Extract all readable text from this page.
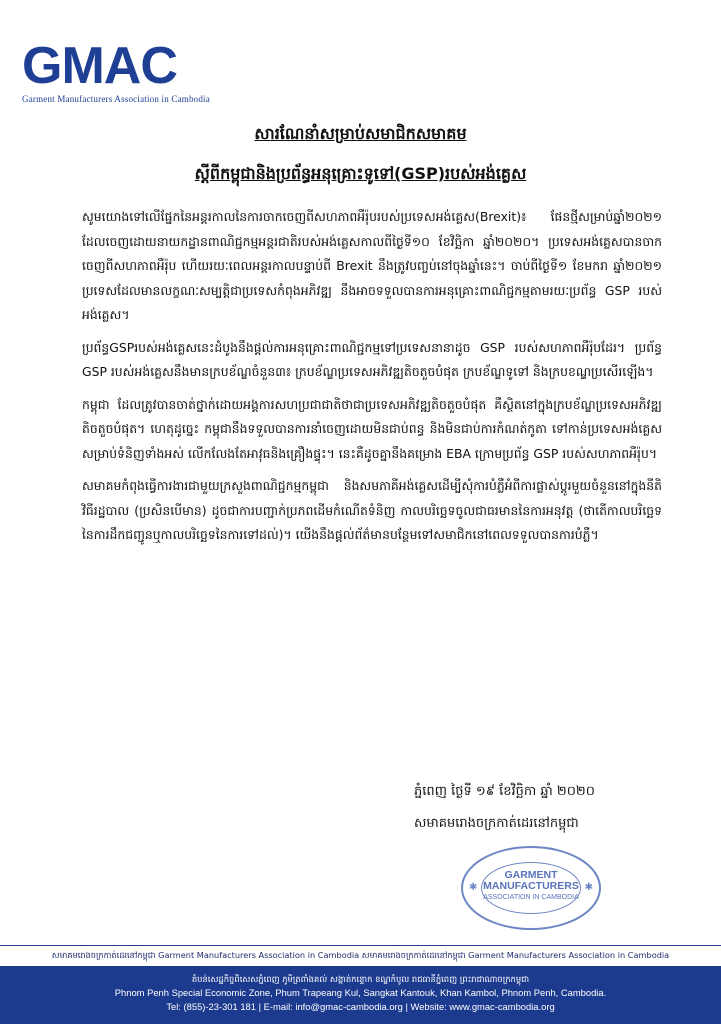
GMAC
Garment Manufacturers Association in Cambodia
សារណែនាំសម្រាប់សមាជិកសមាគម
ស្ដីពីកម្ពុជានិងប្រព័ន្ធអនុគ្រោះទូទៅ(GSP)របស់អង់គ្លេស

សូមយោងទៅលើផ្នែកនៃអន្តរកាលនៃការចាកចេញពីសហភាពអឺរ៉ុបរបស់ប្រទេសអង់គ្លេស(Brexit)៖ ផែនថ្មីសម្រាប់ឆ្នាំ២០២១ ដែលចេញដោយនាយកដ្ឋានពាណិជ្ជកម្មអន្តរជាតិរបស់អង់គ្លេសកាលពីថ្ងៃទី១០ ខែវិច្ឆិកា ឆ្នាំ២០២០។ ប្រទេសអង់គ្លេសបានចាកចេញពីសហភាពអឺរ៉ុប ហើយរយៈពេលអន្តរកាលបន្ទាប់ពី Brexit នឹងត្រូវបញ្ចប់នៅចុងឆ្នាំនេះ។ ចាប់ពីថ្ងៃទី១ ខែមករា ឆ្នាំ២០២១ ប្រទេសដែលមានលក្ខណៈសម្បត្តិជាប្រទេសកំពុងអភិវឌ្ឍ នឹងអាចទទួលបានការអនុគ្រោះពាណិជ្ជកម្មតាមរយៈប្រព័ន្ធ GSP របស់អង់គ្លេស។

ប្រព័ន្ធGSPរបស់អង់គ្លេសនេះដំបូងនឹងផ្ដល់ការអនុគ្រោះពាណិជ្ជកម្មទៅប្រទេសនានាដូច GSP របស់សហភាពអឺរ៉ុបដែរ។ ប្រព័ន្ធ GSP របស់អង់គ្លេសនឹងមានក្របខ័ណ្ឌចំនួន៣៖ ក្របខ័ណ្ឌប្រទេសអភិវឌ្ឍតិចតួចបំផុត ក្របខ័ណ្ឌទូទៅ និងក្របខណ្ឌប្រសើរឡើង។

កម្ពុជា ដែលត្រូវបានចាត់ថ្នាក់ដោយអង្គការសហប្រជាជាតិថាជាប្រទេសអភិវឌ្ឍតិចតួចបំផុត គឺស្ថិតនៅក្នុងក្របខ័ណ្ឌប្រទេសអភិវឌ្ឍតិចតួចបំផុត។ ហេតុដូច្នេះ កម្ពុជានឹងទទួលបានការនាំចេញដោយមិនជាប់ពន្ធ និងមិនជាប់ការកំណត់កូតា ទៅកាន់ប្រទេសអង់គ្លេសសម្រាប់ទំនិញទាំងអស់ លើកលែងតែអាវុធនិងគ្រឿងផ្ទុះ។ នេះគឺដូចគ្នានឹងគម្រោង EBA ក្រោមប្រព័ន្ធ GSP របស់សហភាពអឺរ៉ុប។

សមាគមកំពុងធ្វើការងារជាមួយក្រសួងពាណិជ្ជកម្មកម្ពុជា និងសមភាគីអង់គ្លេសដើម្បីសុំការបំភ្លឺអំពីការផ្លាស់ប្ដូរមួយចំនួននៅក្នុងនីតិវិធីរដ្ឋបាល (ប្រសិនបើមាន) ដូចជាការបញ្ជាក់ប្រភពដើមកំណើតទំនិញ កាលបរិច្ឆេទចូលជាធរមាននៃការអនុវត្ត (ថាតើកាលបរិច្ឆេទនៃការដឹកជញ្ជូនឬកាលបរិច្ឆេទនៃការទៅដល់)។ យើងនឹងផ្ដល់ព័ត៌មានបន្ថែមទៅសមាជិកនៅពេលទទួលបានការបំភ្លឺ។

ភ្នំពេញ ថ្ងៃទី ១៩ ខែវិច្ឆិកា ឆ្នាំ ២០២០
សមាគមរោងចក្រកាត់ដេរនៅកម្ពុជា
✱	✱
GARMENT
MANUFACTURERS
ASSOCIATION IN CAMBODIA
សមាគមរោងចក្រកាត់ដេរនៅកម្ពុជា Garment Manufacturers Association in Cambodia សមាគមរោងចក្រកាត់ដេរនៅកម្ពុជា Garment Manufacturers Association in Cambodia
តំបន់សេដ្ឋកិច្ចពិសេសភ្នំពេញ ភូមិត្រពាំងគល់ សង្កាត់កន្ទោក ខណ្ឌកំបូល រាជធានីភ្នំពេញ ព្រះរាជាណាចក្រកម្ពុជា
Phnom Penh Special Economic Zone, Phum Trapeang Kul, Sangkat Kantouk, Khan Kambol, Phnom Penh, Cambodia.
Tel: (855)-23-301 181 | E-mail: info@gmac-cambodia.org | Website: www.gmac-cambodia.org
